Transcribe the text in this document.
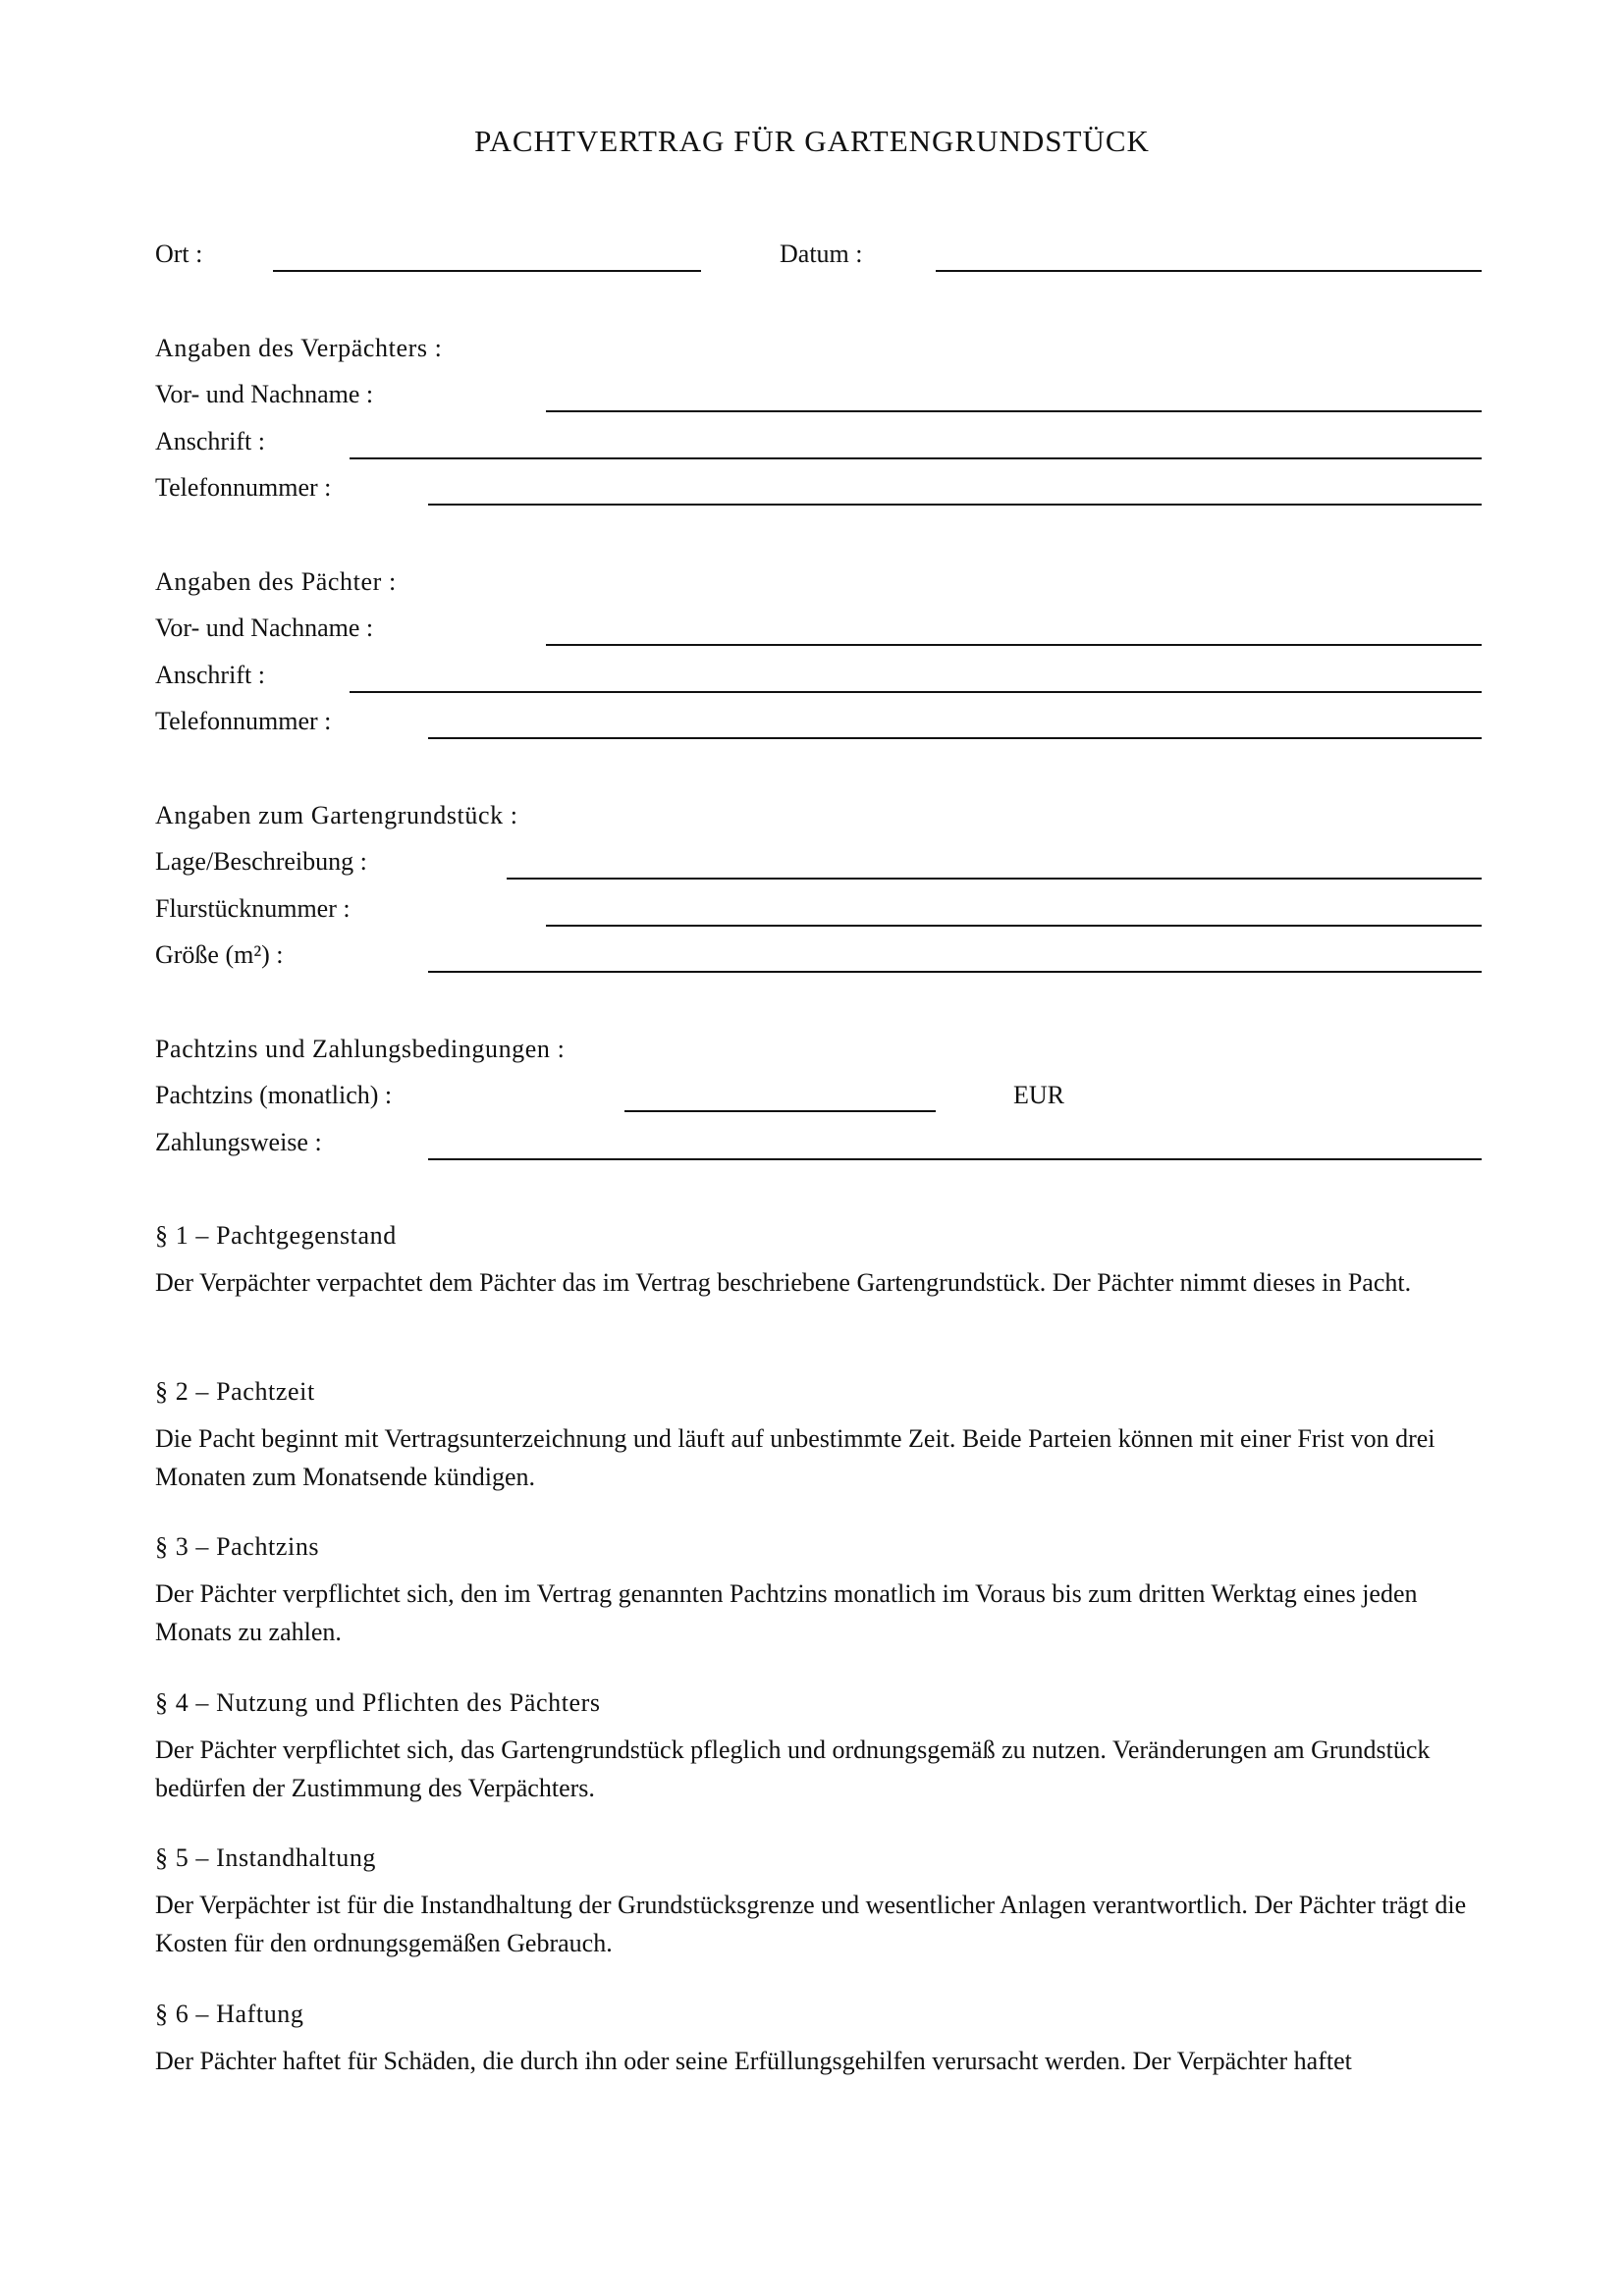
PACHTVERTRAG FÜR GARTENGRUNDSTÜCK
Ort :	Datum :
Angaben des Verpächters :
Vor- und Nachname :
Anschrift :
Telefonnummer :
Angaben des Pächter :
Vor- und Nachname :
Anschrift :
Telefonnummer :
Angaben zum Gartengrundstück :
Lage/Beschreibung :
Flurstücknummer :
Größe (m²) :
Pachtzins und Zahlungsbedingungen :
Pachtzins (monatlich) :	EUR
Zahlungsweise :
§ 1 – Pachtgegenstand
Der Verpächter verpachtet dem Pächter das im Vertrag beschriebene Gartengrundstück. Der Pächter nimmt dieses in Pacht.
§ 2 – Pachtzeit
Die Pacht beginnt mit Vertragsunterzeichnung und läuft auf unbestimmte Zeit. Beide Parteien können mit einer Frist von drei Monaten zum Monatsende kündigen.
§ 3 – Pachtzins
Der Pächter verpflichtet sich, den im Vertrag genannten Pachtzins monatlich im Voraus bis zum dritten Werktag eines jeden Monats zu zahlen.
§ 4 – Nutzung und Pflichten des Pächters
Der Pächter verpflichtet sich, das Gartengrundstück pfleglich und ordnungsgemäß zu nutzen. Veränderungen am Grundstück bedürfen der Zustimmung des Verpächters.
§ 5 – Instandhaltung
Der Verpächter ist für die Instandhaltung der Grundstücksgrenze und wesentlicher Anlagen verantwortlich. Der Pächter trägt die Kosten für den ordnungsgemäßen Gebrauch.
§ 6 – Haftung
Der Pächter haftet für Schäden, die durch ihn oder seine Erfüllungsgehilfen verursacht werden. Der Verpächter haftet
